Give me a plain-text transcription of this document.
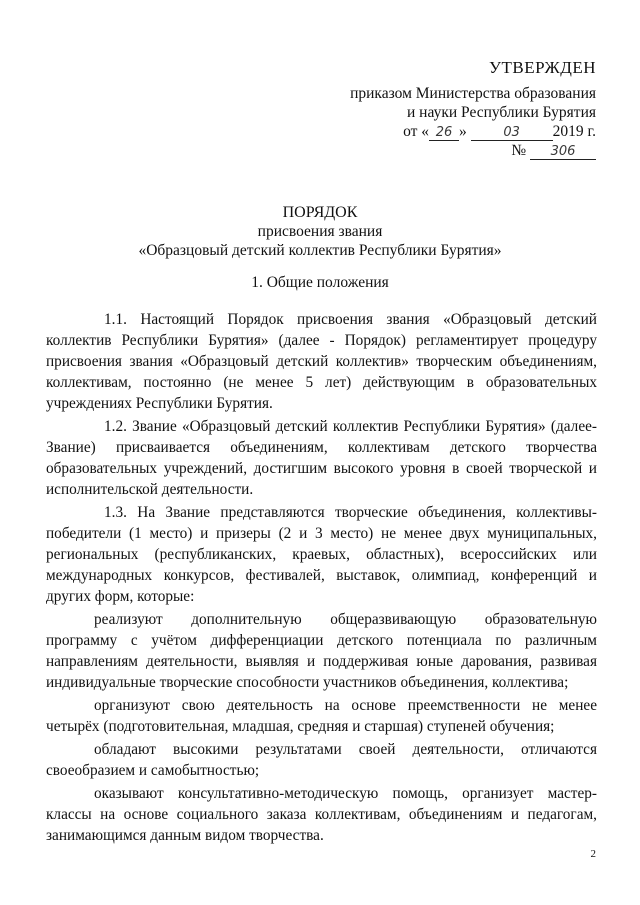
УТВЕРЖДЕН
приказом Министерства образования
и науки Республики Бурятия
от « 26 »	03 2019 г.
№ 306
ПОРЯДОК
присвоения звания
«Образцовый детский коллектив Республики Бурятия»
1. Общие положения

1.1. Настоящий Порядок присвоения звания «Образцовый детский коллектив Республики Бурятия» (далее - Порядок) регламентирует процедуру присвоения звания «Образцовый детский коллектив» творческим объединениям, коллективам, постоянно (не менее 5 лет) действующим в образовательных учреждениях Республики Бурятия.

1.2. Звание «Образцовый детский коллектив Республики Бурятия» (далее- Звание) присваивается объединениям, коллективам детского творчества образовательных учреждений, достигшим высокого уровня в своей творческой и исполнительской деятельности.

1.3. На Звание представляются творческие объединения, коллективы- победители (1 место) и призеры (2 и 3 место) не менее двух муниципальных, региональных (республиканских, краевых, областных), всероссийских или международных конкурсов, фестивалей, выставок, олимпиад, конференций и других форм, которые:

реализуют дополнительную общеразвивающую образовательную программу с учётом дифференциации детского потенциала по различным направлениям деятельности, выявляя и поддерживая юные дарования, развивая индивидуальные творческие способности участников объединения, коллектива;

организуют свою деятельность на основе преемственности не менее четырёх (подготовительная, младшая, средняя и старшая) ступеней обучения;

обладают высокими результатами своей деятельности, отличаются своеобразием и самобытностью;

оказывают консультативно-методическую помощь, организует мастер-классы на основе социального заказа коллективам, объединениям и педагогам, занимающимся данным видом творчества.

2
